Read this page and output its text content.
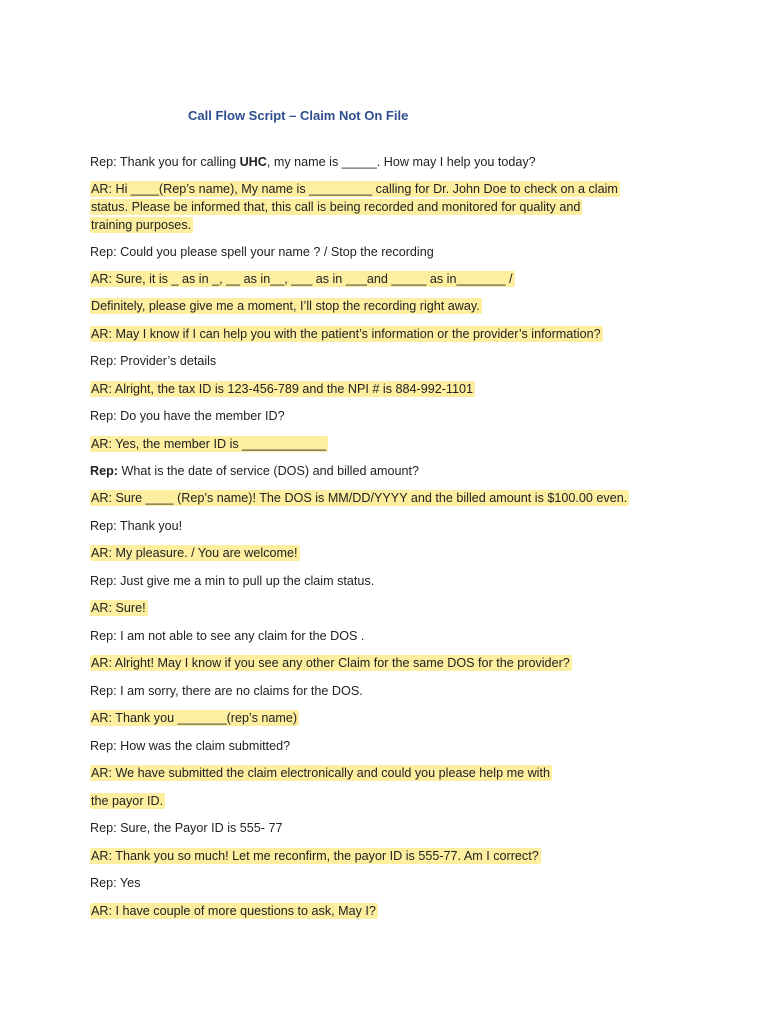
Call Flow Script – Claim Not On File
Rep: Thank you for calling UHC, my name is _____. How may I help you today?
AR: Hi ____(Rep’s name), My name is _________ calling for Dr. John Doe to check on a claim
status. Please be informed that, this call is being recorded and monitored for quality and
training purposes.
Rep: Could you please spell your name ? / Stop the recording
AR: Sure, it is _ as in _, __ as in__, ___ as in ___and _____ as in_______ /
Definitely, please give me a moment, I’ll stop the recording right away.
AR: May I know if I can help you with the patient’s information or the provider’s information?
Rep: Provider’s details
AR: Alright, the tax ID is 123-456-789 and the NPI # is 884-992-1101
Rep: Do you have the member ID?
AR: Yes, the member ID is ____________
Rep: What is the date of service (DOS) and billed amount?
AR: Sure ____ (Rep’s name)! The DOS is MM/DD/YYYY and the billed amount is $100.00 even.
Rep: Thank you!
AR: My pleasure. / You are welcome!
Rep: Just give me a min to pull up the claim status.
AR: Sure!
Rep: I am not able to see any claim for the DOS .
AR: Alright! May I know if you see any other Claim for the same DOS for the provider?
Rep: I am sorry, there are no claims for the DOS.
AR: Thank you _______(rep’s name)
Rep: How was the claim submitted?
AR: We have submitted the claim electronically and could you please help me with
the payor ID.
Rep: Sure, the Payor ID is 555- 77
AR: Thank you so much! Let me reconfirm, the payor ID is 555-77. Am I correct?
Rep: Yes
AR: I have couple of more questions to ask, May I?
